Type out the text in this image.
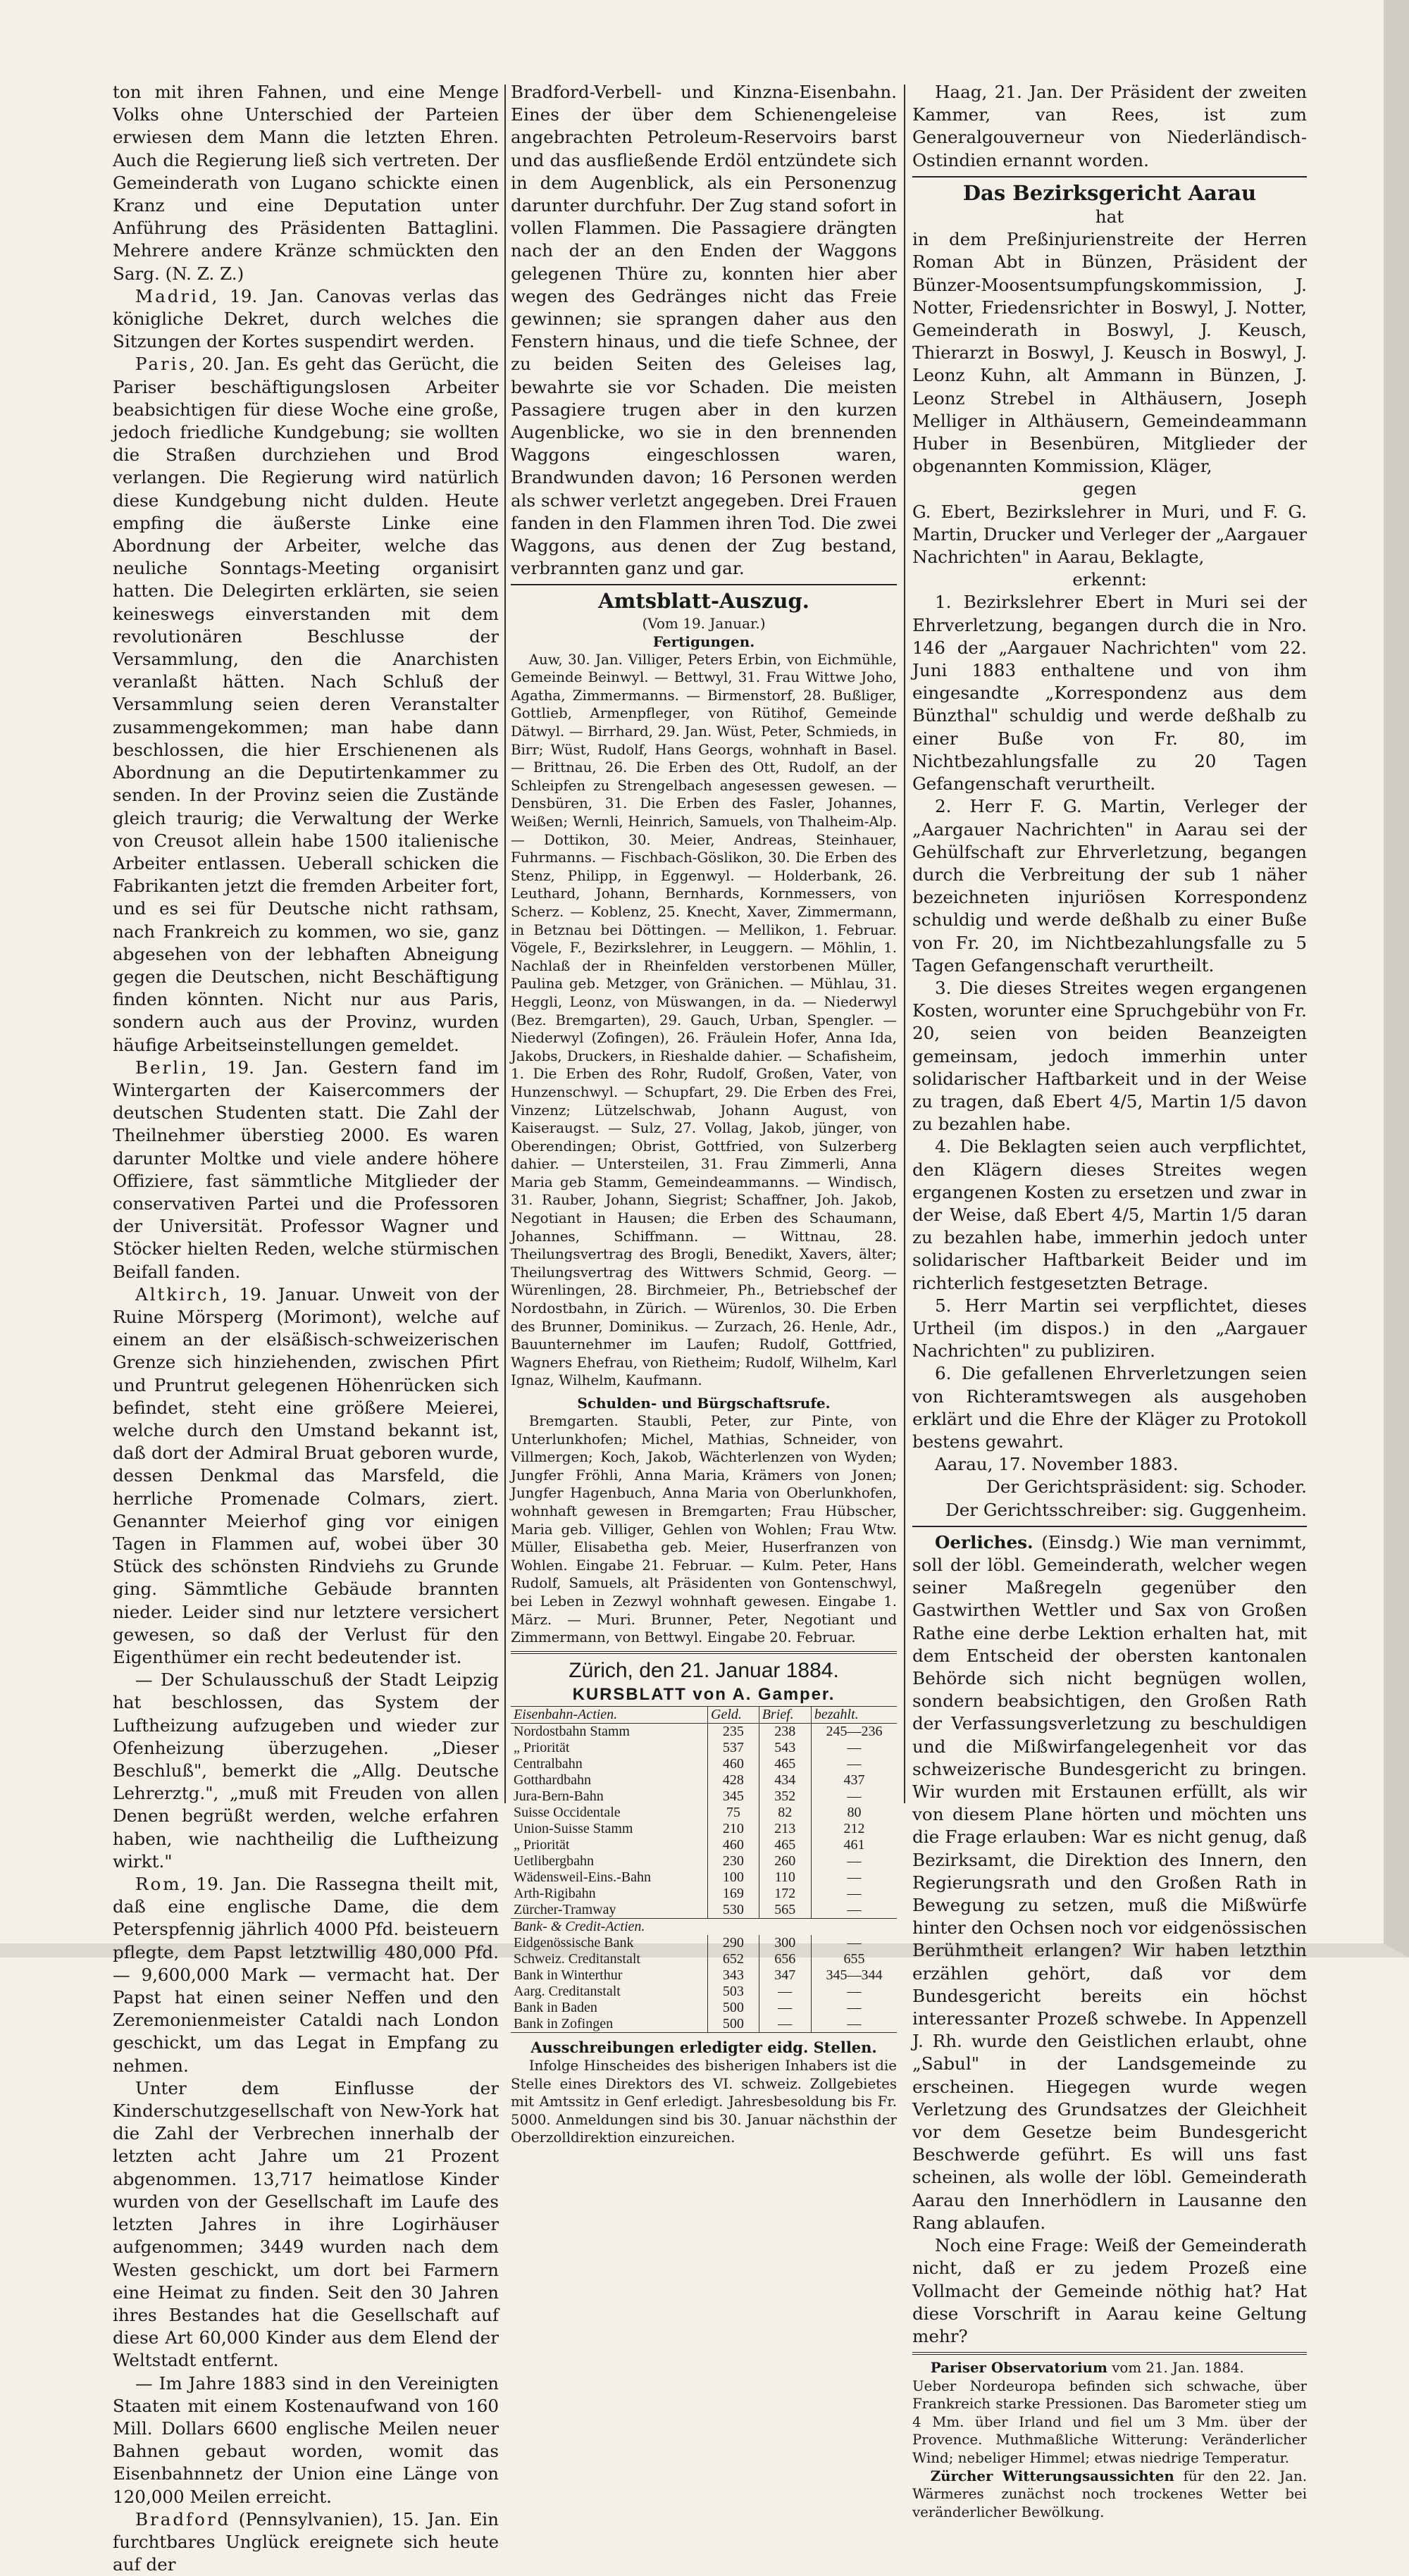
ton mit ihren Fahnen, und eine Menge Volks ohne Unterschied der Parteien erwiesen dem Mann die letzten Ehren. Auch die Regierung ließ sich vertreten. Der Gemeinderath von Lugano schickte einen Kranz und eine Deputation unter Anführung des Präsidenten Battaglini. Mehrere andere Kränze schmückten den Sarg. (N. Z. Z.)

Madrid, 19. Jan. Canovas verlas das königliche Dekret, durch welches die Sitzungen der Kortes suspendirt werden.

Paris, 20. Jan. Es geht das Gerücht, die Pariser beschäftigungslosen Arbeiter beabsichtigen für diese Woche eine große, jedoch friedliche Kundgebung; sie wollten die Straßen durchziehen und Brod verlangen. Die Regierung wird natürlich diese Kundgebung nicht dulden. Heute empfing die äußerste Linke eine Abordnung der Arbeiter, welche das neuliche Sonntags-Meeting organisirt hatten. Die Delegirten erklärten, sie seien keineswegs einverstanden mit dem revolutionären Beschlusse der Versammlung, den die Anarchisten veranlaßt hätten. Nach Schluß der Versammlung seien deren Veranstalter zusammengekommen; man habe dann beschlossen, die hier Erschienenen als Abordnung an die Deputirtenkammer zu senden. In der Provinz seien die Zustände gleich traurig; die Verwaltung der Werke von Creusot allein habe 1500 italienische Arbeiter entlassen. Ueberall schicken die Fabrikanten jetzt die fremden Arbeiter fort, und es sei für Deutsche nicht rathsam, nach Frankreich zu kommen, wo sie, ganz abgesehen von der lebhaften Abneigung gegen die Deutschen, nicht Beschäftigung finden könnten. Nicht nur aus Paris, sondern auch aus der Provinz, wurden häufige Arbeitseinstellungen gemeldet.

Berlin, 19. Jan. Gestern fand im Wintergarten der Kaisercommers der deutschen Studenten statt. Die Zahl der Theilnehmer überstieg 2000. Es waren darunter Moltke und viele andere höhere Offiziere, fast sämmtliche Mitglieder der conservativen Partei und die Professoren der Universität. Professor Wagner und Stöcker hielten Reden, welche stürmischen Beifall fanden.

Altkirch, 19. Januar. Unweit von der Ruine Mörsperg (Morimont), welche auf einem an der elsäßisch-schweizerischen Grenze sich hinziehenden, zwischen Pfirt und Pruntrut gelegenen Höhenrücken sich befindet, steht eine größere Meierei, welche durch den Umstand bekannt ist, daß dort der Admiral Bruat geboren wurde, dessen Denkmal das Marsfeld, die herrliche Promenade Colmars, ziert. Genannter Meierhof ging vor einigen Tagen in Flammen auf, wobei über 30 Stück des schönsten Rindviehs zu Grunde ging. Sämmtliche Gebäude brannten nieder. Leider sind nur letztere versichert gewesen, so daß der Verlust für den Eigenthümer ein recht bedeutender ist.

— Der Schulausschuß der Stadt Leipzig hat beschlossen, das System der Luftheizung aufzugeben und wieder zur Ofenheizung überzugehen. „Dieser Beschluß", bemerkt die „Allg. Deutsche Lehrerztg.", „muß mit Freuden von allen Denen begrüßt werden, welche erfahren haben, wie nachtheilig die Luftheizung wirkt."

Rom, 19. Jan. Die Rassegna theilt mit, daß eine englische Dame, die dem Peterspfennig jährlich 4000 Pfd. beisteuern pflegte, dem Papst letztwillig 480,000 Pfd. — 9,600,000 Mark — vermacht hat. Der Papst hat einen seiner Neffen und den Zeremonienmeister Cataldi nach London geschickt, um das Legat in Empfang zu nehmen.

Unter dem Einflusse der Kinderschutzgesellschaft von New-York hat die Zahl der Verbrechen innerhalb der letzten acht Jahre um 21 Prozent abgenommen. 13,717 heimatlose Kinder wurden von der Gesellschaft im Laufe des letzten Jahres in ihre Logirhäuser aufgenommen; 3449 wurden nach dem Westen geschickt, um dort bei Farmern eine Heimat zu finden. Seit den 30 Jahren ihres Bestandes hat die Gesellschaft auf diese Art 60,000 Kinder aus dem Elend der Weltstadt entfernt.

— Im Jahre 1883 sind in den Vereinigten Staaten mit einem Kostenaufwand von 160 Mill. Dollars 6600 englische Meilen neuer Bahnen gebaut worden, womit das Eisenbahnnetz der Union eine Länge von 120,000 Meilen erreicht.

Bradford (Pennsylvanien), 15. Jan. Ein furchtbares Unglück ereignete sich heute auf der

Bradford-Verbell- und Kinzna-Eisenbahn. Eines der über dem Schienengeleise angebrachten Petroleum-Reservoirs barst und das ausfließende Erdöl entzündete sich in dem Augenblick, als ein Personenzug darunter durchfuhr. Der Zug stand sofort in vollen Flammen. Die Passagiere drängten nach der an den Enden der Waggons gelegenen Thüre zu, konnten hier aber wegen des Gedränges nicht das Freie gewinnen; sie sprangen daher aus den Fenstern hinaus, und die tiefe Schnee, der zu beiden Seiten des Geleises lag, bewahrte sie vor Schaden. Die meisten Passagiere trugen aber in den kurzen Augenblicke, wo sie in den brennenden Waggons eingeschlossen waren, Brandwunden davon; 16 Personen werden als schwer verletzt angegeben. Drei Frauen fanden in den Flammen ihren Tod. Die zwei Waggons, aus denen der Zug bestand, verbrannten ganz und gar.

Amtsblatt-Auszug.
(Vom 19. Januar.)
Fertigungen.

Auw, 30. Jan. Villiger, Peters Erbin, von Eichmühle, Gemeinde Beinwyl. — Bettwyl, 31. Frau Wittwe Joho, Agatha, Zimmermanns. — Birmenstorf, 28. Bußliger, Gottlieb, Armenpfleger, von Rütihof, Gemeinde Dätwyl. — Birrhard, 29. Jan. Wüst, Peter, Schmieds, in Birr; Wüst, Rudolf, Hans Georgs, wohnhaft in Basel. — Brittnau, 26. Die Erben des Ott, Rudolf, an der Schleipfen zu Strengelbach angesessen gewesen. — Densbüren, 31. Die Erben des Fasler, Johannes, Weißen; Wernli, Heinrich, Samuels, von Thalheim-Alp. — Dottikon, 30. Meier, Andreas, Steinhauer, Fuhrmanns. — Fischbach-Göslikon, 30. Die Erben des Stenz, Philipp, in Eggenwyl. — Holderbank, 26. Leuthard, Johann, Bernhards, Kornmessers, von Scherz. — Koblenz, 25. Knecht, Xaver, Zimmermann, in Betznau bei Döttingen. — Mellikon, 1. Februar. Vögele, F., Bezirkslehrer, in Leuggern. — Möhlin, 1. Nachlaß der in Rheinfelden verstorbenen Müller, Paulina geb. Metzger, von Gränichen. — Mühlau, 31. Heggli, Leonz, von Müswangen, in da. — Niederwyl (Bez. Bremgarten), 29. Gauch, Urban, Spengler. — Niederwyl (Zofingen), 26. Fräulein Hofer, Anna Ida, Jakobs, Druckers, in Rieshalde dahier. — Schafisheim, 1. Die Erben des Rohr, Rudolf, Großen, Vater, von Hunzenschwyl. — Schupfart, 29. Die Erben des Frei, Vinzenz; Lützelschwab, Johann August, von Kaiseraugst. — Sulz, 27. Vollag, Jakob, jünger, von Oberendingen; Obrist, Gottfried, von Sulzerberg dahier. — Untersteilen, 31. Frau Zimmerli, Anna Maria geb Stamm, Gemeindeammanns. — Windisch, 31. Rauber, Johann, Siegrist; Schaffner, Joh. Jakob, Negotiant in Hausen; die Erben des Schaumann, Johannes, Schiffmann. — Wittnau, 28. Theilungsvertrag des Brogli, Benedikt, Xavers, älter; Theilungsvertrag des Wittwers Schmid, Georg. — Würenlingen, 28. Birchmeier, Ph., Betriebschef der Nordostbahn, in Zürich. — Würenlos, 30. Die Erben des Brunner, Dominikus. — Zurzach, 26. Henle, Adr., Bauunternehmer im Laufen; Rudolf, Gottfried, Wagners Ehefrau, von Rietheim; Rudolf, Wilhelm, Karl Ignaz, Wilhelm, Kaufmann.

Schulden- und Bürgschaftsrufe.

Bremgarten. Staubli, Peter, zur Pinte, von Unterlunkhofen; Michel, Mathias, Schneider, von Villmergen; Koch, Jakob, Wächterlenzen von Wyden; Jungfer Fröhli, Anna Maria, Krämers von Jonen; Jungfer Hagenbuch, Anna Maria von Oberlunkhofen, wohnhaft gewesen in Bremgarten; Frau Hübscher, Maria geb. Villiger, Gehlen von Wohlen; Frau Wtw. Müller, Elisabetha geb. Meier, Huserfranzen von Wohlen. Eingabe 21. Februar. — Kulm. Peter, Hans Rudolf, Samuels, alt Präsidenten von Gontenschwyl, bei Leben in Zezwyl wohnhaft gewesen. Eingabe 1. März. — Muri. Brunner, Peter, Negotiant und Zimmermann, von Bettwyl. Eingabe 20. Februar.

Zürich, den 21. Januar 1884.
KURSBLATT von A. Gamper.
Eisenbahn-Actien.	Geld.	Brief.	bezahlt.
Nordostbahn Stamm	235	238	245—236
„ Priorität	537	543	—
Centralbahn	460	465	—
Gotthardbahn	428	434	437
Jura-Bern-Bahn	345	352	—
Suisse Occidentale	75	82	80
Union-Suisse Stamm	210	213	212
„ Priorität	460	465	461
Uetlibergbahn	230	260	—
Wädensweil-Eins.-Bahn	100	110	—
Arth-Rigibahn	169	172	—
Zürcher-Tramway	530	565	—
Bank- & Credit-Actien.			
Eidgenössische Bank	290	300	—
Schweiz. Creditanstalt	652	656	655
Bank in Winterthur	343	347	345—344
Aarg. Creditanstalt	503	—	—
Bank in Baden	500	—	—
Bank in Zofingen	500	—	—
Ausschreibungen erledigter eidg. Stellen.

Infolge Hinscheides des bisherigen Inhabers ist die Stelle eines Direktors des VI. schweiz. Zollgebietes mit Amtssitz in Genf erledigt. Jahresbesoldung bis Fr. 5000. Anmeldungen sind bis 30. Januar nächsthin der Oberzolldirektion einzureichen.

Haag, 21. Jan. Der Präsident der zweiten Kammer, van Rees, ist zum Generalgouverneur von Niederländisch-Ostindien ernannt worden.

Das Bezirksgericht Aarau

hat

in dem Preßinjurienstreite der Herren Roman Abt in Bünzen, Präsident der Bünzer-Moosentsumpfungskommission, J. Notter, Friedensrichter in Boswyl, J. Notter, Gemeinderath in Boswyl, J. Keusch, Thierarzt in Boswyl, J. Keusch in Boswyl, J. Leonz Kuhn, alt Ammann in Bünzen, J. Leonz Strebel in Althäusern, Joseph Melliger in Althäusern, Gemeindeammann Huber in Besenbüren, Mitglieder der obgenannten Kommission, Kläger,

gegen

G. Ebert, Bezirkslehrer in Muri, und F. G. Martin, Drucker und Verleger der „Aargauer Nachrichten" in Aarau, Beklagte,

erkennt:

1. Bezirkslehrer Ebert in Muri sei der Ehrverletzung, begangen durch die in Nro. 146 der „Aargauer Nachrichten" vom 22. Juni 1883 enthaltene und von ihm eingesandte „Korrespondenz aus dem Bünzthal" schuldig und werde deßhalb zu einer Buße von Fr. 80, im Nichtbezahlungsfalle zu 20 Tagen Gefangenschaft verurtheilt.

2. Herr F. G. Martin, Verleger der „Aargauer Nachrichten" in Aarau sei der Gehülfschaft zur Ehrverletzung, begangen durch die Verbreitung der sub 1 näher bezeichneten injuriösen Korrespondenz schuldig und werde deßhalb zu einer Buße von Fr. 20, im Nichtbezahlungsfalle zu 5 Tagen Gefangenschaft verurtheilt.

3. Die dieses Streites wegen ergangenen Kosten, worunter eine Spruchgebühr von Fr. 20, seien von beiden Beanzeigten gemeinsam, jedoch immerhin unter solidarischer Haftbarkeit und in der Weise zu tragen, daß Ebert 4/5, Martin 1/5 davon zu bezahlen habe.

4. Die Beklagten seien auch verpflichtet, den Klägern dieses Streites wegen ergangenen Kosten zu ersetzen und zwar in der Weise, daß Ebert 4/5, Martin 1/5 daran zu bezahlen habe, immerhin jedoch unter solidarischer Haftbarkeit Beider und im richterlich festgesetzten Betrage.

5. Herr Martin sei verpflichtet, dieses Urtheil (im dispos.) in den „Aargauer Nachrichten" zu publiziren.

6. Die gefallenen Ehrverletzungen seien von Richteramtswegen als ausgehoben erklärt und die Ehre der Kläger zu Protokoll bestens gewahrt.

Aarau, 17. November 1883.

Der Gerichtspräsident: sig. Schoder.

Der Gerichtsschreiber: sig. Guggenheim.

Oerliches. (Einsdg.) Wie man vernimmt, soll der löbl. Gemeinderath, welcher wegen seiner Maßregeln gegenüber den Gastwirthen Wettler und Sax von Großen Rathe eine derbe Lektion erhalten hat, mit dem Entscheid der obersten kantonalen Behörde sich nicht begnügen wollen, sondern beabsichtigen, den Großen Rath der Verfassungsverletzung zu beschuldigen und die Mißwirfangelegenheit vor das schweizerische Bundesgericht zu bringen. Wir wurden mit Erstaunen erfüllt, als wir von diesem Plane hörten und möchten uns die Frage erlauben: War es nicht genug, daß Bezirksamt, die Direktion des Innern, den Regierungsrath und den Großen Rath in Bewegung zu setzen, muß die Mißwürfe hinter den Ochsen noch vor eidgenössischen Berühmtheit erlangen? Wir haben letzthin erzählen gehört, daß vor dem Bundesgericht bereits ein höchst interessanter Prozeß schwebe. In Appenzell J. Rh. wurde den Geistlichen erlaubt, ohne „Sabul" in der Landsgemeinde zu erscheinen. Hiegegen wurde wegen Verletzung des Grundsatzes der Gleichheit vor dem Gesetze beim Bundesgericht Beschwerde geführt. Es will uns fast scheinen, als wolle der löbl. Gemeinderath Aarau den Innerhödlern in Lausanne den Rang ablaufen.

Noch eine Frage: Weiß der Gemeinderath nicht, daß er zu jedem Prozeß eine Vollmacht der Gemeinde nöthig hat? Hat diese Vorschrift in Aarau keine Geltung mehr?

Pariser Observatorium vom 21. Jan. 1884.

Ueber Nordeuropa befinden sich schwache, über Frankreich starke Pressionen. Das Barometer stieg um 4 Mm. über Irland und fiel um 3 Mm. über der Provence. Muthmaßliche Witterung: Veränderlicher Wind; nebeliger Himmel; etwas niedrige Temperatur.

Zürcher Witterungsaussichten für den 22. Jan. Wärmeres zunächst noch trockenes Wetter bei veränderlicher Bewölkung.
